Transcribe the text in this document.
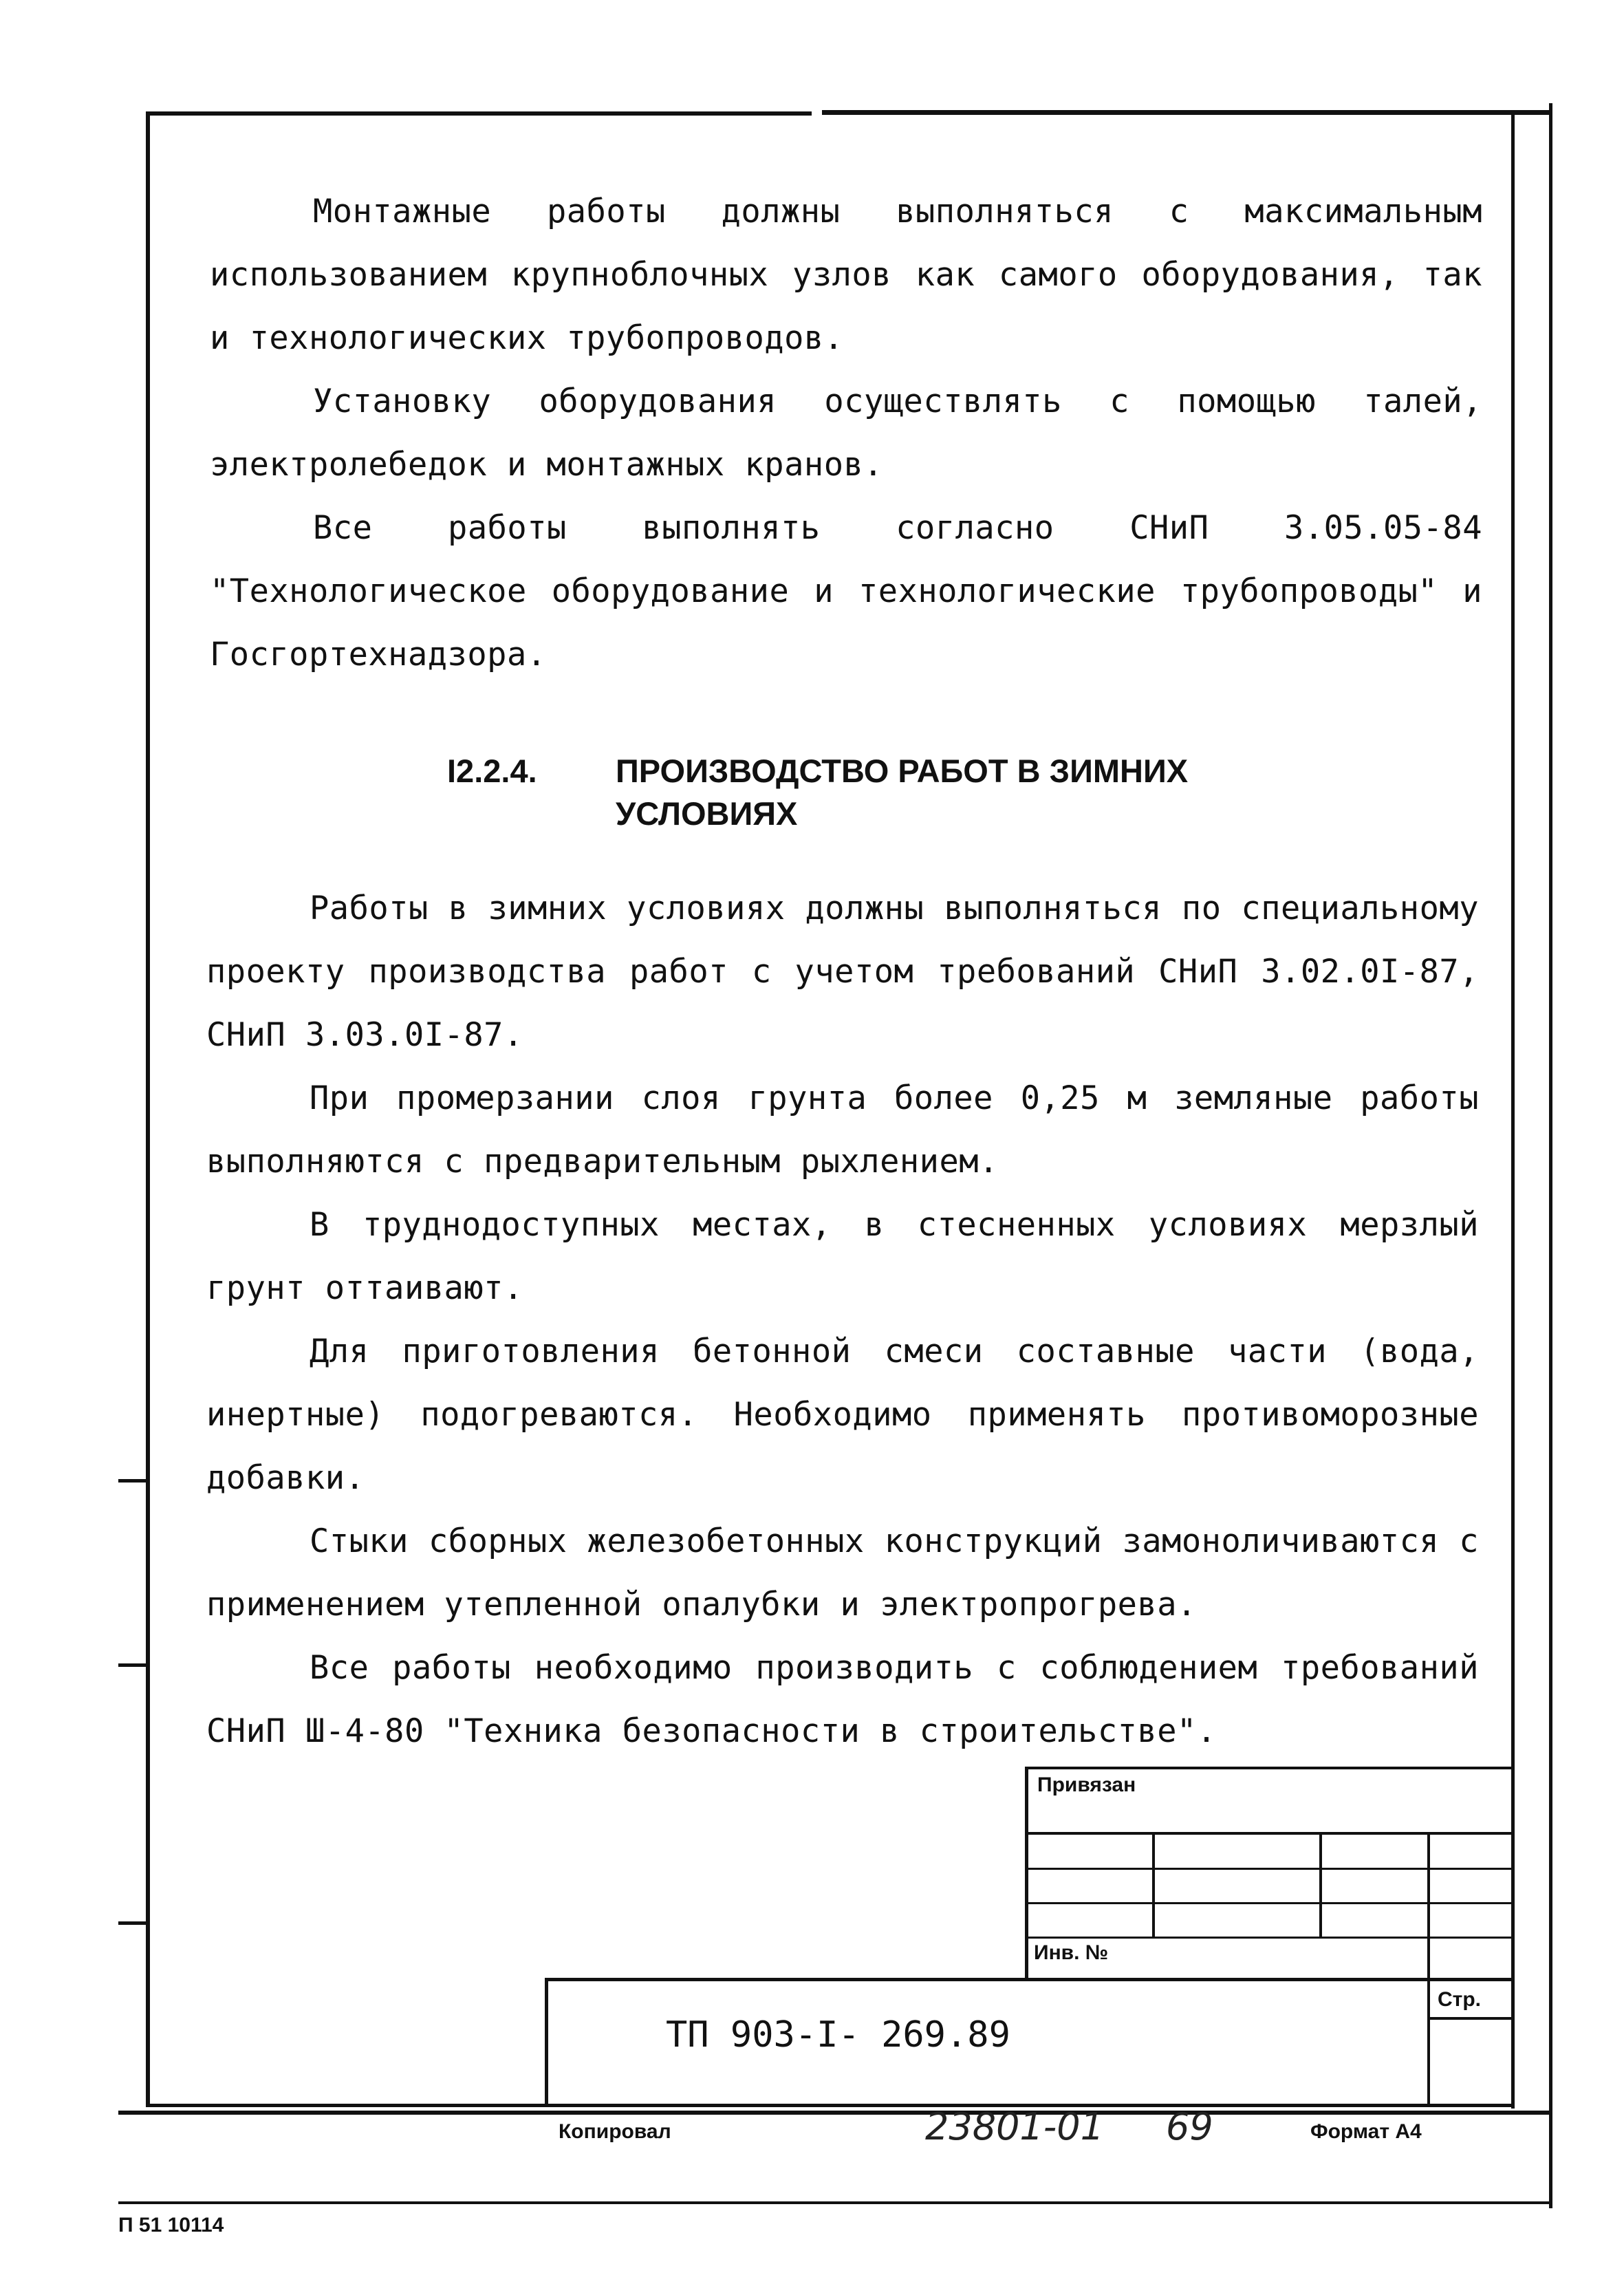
Монтажные работы должны выполняться с максимальным использованием крупноблочных узлов как самого оборудования, так и технологических трубопроводов.

Установку оборудования осуществлять с помощью талей, электролебедок и монтажных кранов.

Все работы выполнять согласно СНиП 3.05.05-84 "Технологическое оборудование и технологические трубопроводы" и Госгортехнадзора.

I2.2.4. ПРОИЗВОДСТВО РАБОТ В ЗИМНИХ
УСЛОВИЯХ

Работы в зимних условиях должны выполняться по специальному проекту производства работ с учетом требований СНиП 3.02.0I-87, СНиП 3.03.0I-87.

При промерзании слоя грунта более 0,25 м земляные работы выполняются с предварительным рыхлением.

В труднодоступных местах, в стесненных условиях мерзлый грунт оттаивают.

Для приготовления бетонной смеси составные части (вода, инертные) подогреваются. Необходимо применять противоморозные добавки.

Стыки сборных железобетонных конструкций замоноличиваются с применением утепленной опалубки и электропрогрева.

Все работы необходимо производить с соблюдением требований СНиП Ш-4-80 "Техника безопасности в строительстве".

Привязан
Инв. №
Стр.
ТП 903-I- 269.89
Копировал	23801-01 69	Формат А4
П 51 10114
